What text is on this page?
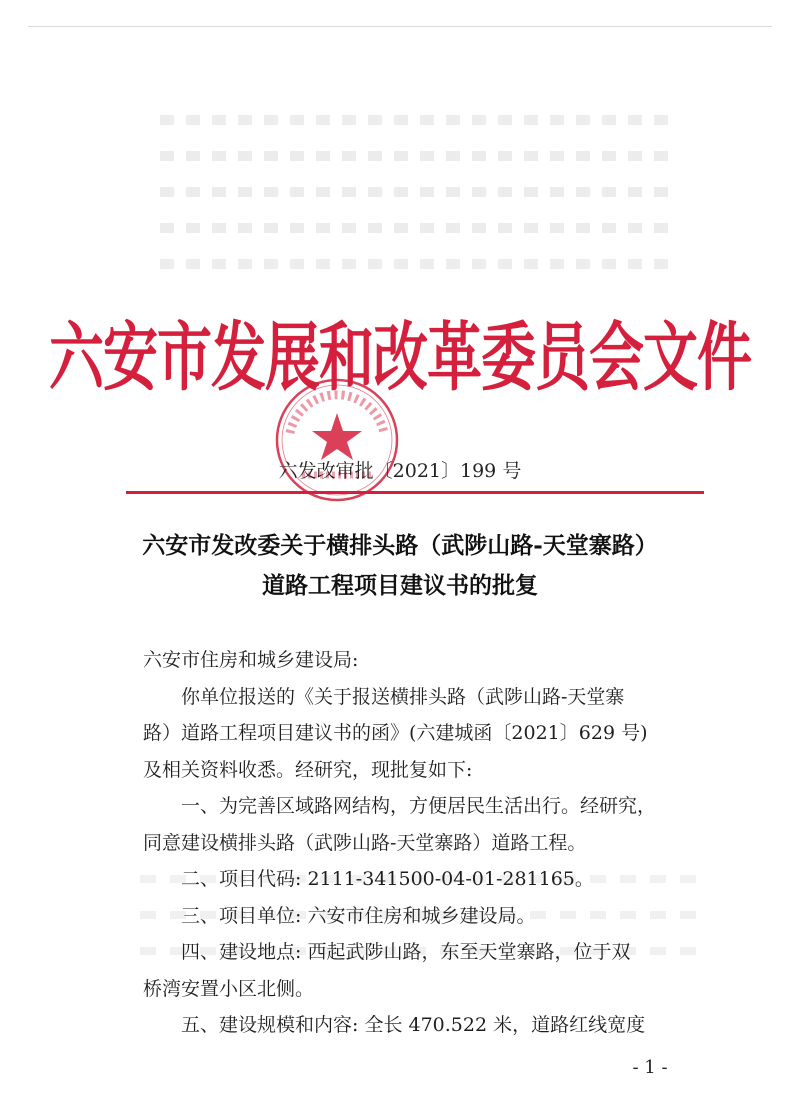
六安市发展和改革委员会文件
六发改审批〔2021〕199 号
六安市发改委关于横排头路（武陟山路-天堂寨路）
道路工程项目建议书的批复

六安市住房和城乡建设局:

你单位报送的《关于报送横排头路（武陟山路-天堂寨

路）道路工程项目建议书的函》(六建城函〔2021〕629 号)

及相关资料收悉。经研究，现批复如下:

一、为完善区域路网结构，方便居民生活出行。经研究，

同意建设横排头路（武陟山路-天堂寨路）道路工程。

二、项目代码: 2111-341500-04-01-281165。

三、项目单位: 六安市住房和城乡建设局。

四、建设地点: 西起武陟山路，东至天堂寨路，位于双

桥湾安置小区北侧。

五、建设规模和内容: 全长 470.522 米，道路红线宽度

- 1 -
